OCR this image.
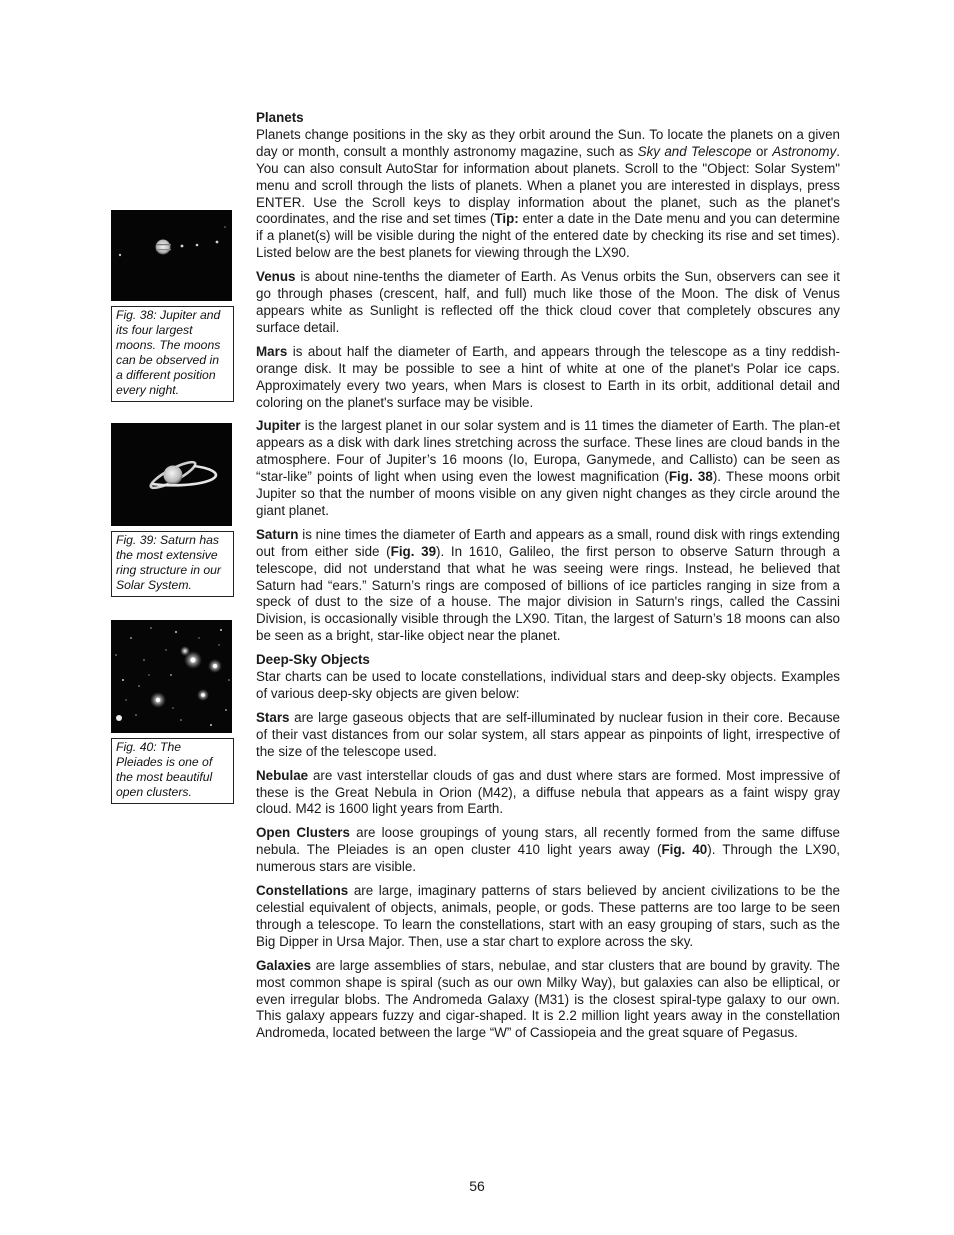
Fig. 38: Jupiter and its four largest moons. The moons can be observed in a different position every night.
Fig. 39: Saturn has the most extensive ring structure in our Solar System.
Fig. 40: The Pleiades is one of the most beautiful open clusters.
Planets

Planets change positions in the sky as they orbit around the Sun. To locate the planets on a given day or month, consult a monthly astronomy magazine, such as Sky and Telescope or Astronomy. You can also consult AutoStar for information about planets. Scroll to the "Object: Solar System" menu and scroll through the lists of planets. When a planet you are interested in displays, press ENTER. Use the Scroll keys to display information about the planet, such as the planet's coordinates, and the rise and set times (Tip: enter a date in the Date menu and you can determine if a planet(s) will be visible during the night of the entered date by checking its rise and set times). Listed below are the best planets for viewing through the LX90.

Venus is about nine-tenths the diameter of Earth. As Venus orbits the Sun, observers can see it go through phases (crescent, half, and full) much like those of the Moon. The disk of Venus appears white as Sunlight is reflected off the thick cloud cover that completely obscures any surface detail.

Mars is about half the diameter of Earth, and appears through the telescope as a tiny reddish-orange disk. It may be possible to see a hint of white at one of the planet's Polar ice caps. Approximately every two years, when Mars is closest to Earth in its orbit, additional detail and coloring on the planet's surface may be visible.

Jupiter is the largest planet in our solar system and is 11 times the diameter of Earth. The plan-et appears as a disk with dark lines stretching across the surface. These lines are cloud bands in the atmosphere. Four of Jupiter’s 16 moons (Io, Europa, Ganymede, and Callisto) can be seen as “star-like” points of light when using even the lowest magnification (Fig. 38). These moons orbit Jupiter so that the number of moons visible on any given night changes as they circle around the giant planet.

Saturn is nine times the diameter of Earth and appears as a small, round disk with rings extending out from either side (Fig. 39). In 1610, Galileo, the first person to observe Saturn through a telescope, did not understand that what he was seeing were rings. Instead, he believed that Saturn had “ears.” Saturn’s rings are composed of billions of ice particles ranging in size from a speck of dust to the size of a house. The major division in Saturn's rings, called the Cassini Division, is occasionally visible through the LX90. Titan, the largest of Saturn’s 18 moons can also be seen as a bright, star-like object near the planet.

Deep-Sky Objects

Star charts can be used to locate constellations, individual stars and deep-sky objects. Examples of various deep-sky objects are given below:

Stars are large gaseous objects that are self-illuminated by nuclear fusion in their core. Because of their vast distances from our solar system, all stars appear as pinpoints of light, irrespective of the size of the telescope used.

Nebulae are vast interstellar clouds of gas and dust where stars are formed. Most impressive of these is the Great Nebula in Orion (M42), a diffuse nebula that appears as a faint wispy gray cloud. M42 is 1600 light years from Earth.

Open Clusters are loose groupings of young stars, all recently formed from the same diffuse nebula. The Pleiades is an open cluster 410 light years away (Fig. 40). Through the LX90, numerous stars are visible.

Constellations are large, imaginary patterns of stars believed by ancient civilizations to be the celestial equivalent of objects, animals, people, or gods. These patterns are too large to be seen through a telescope. To learn the constellations, start with an easy grouping of stars, such as the Big Dipper in Ursa Major. Then, use a star chart to explore across the sky.

Galaxies are large assemblies of stars, nebulae, and star clusters that are bound by gravity. The most common shape is spiral (such as our own Milky Way), but galaxies can also be elliptical, or even irregular blobs. The Andromeda Galaxy (M31) is the closest spiral-type galaxy to our own. This galaxy appears fuzzy and cigar-shaped. It is 2.2 million light years away in the constellation Andromeda, located between the large “W” of Cassiopeia and the great square of Pegasus.

56
